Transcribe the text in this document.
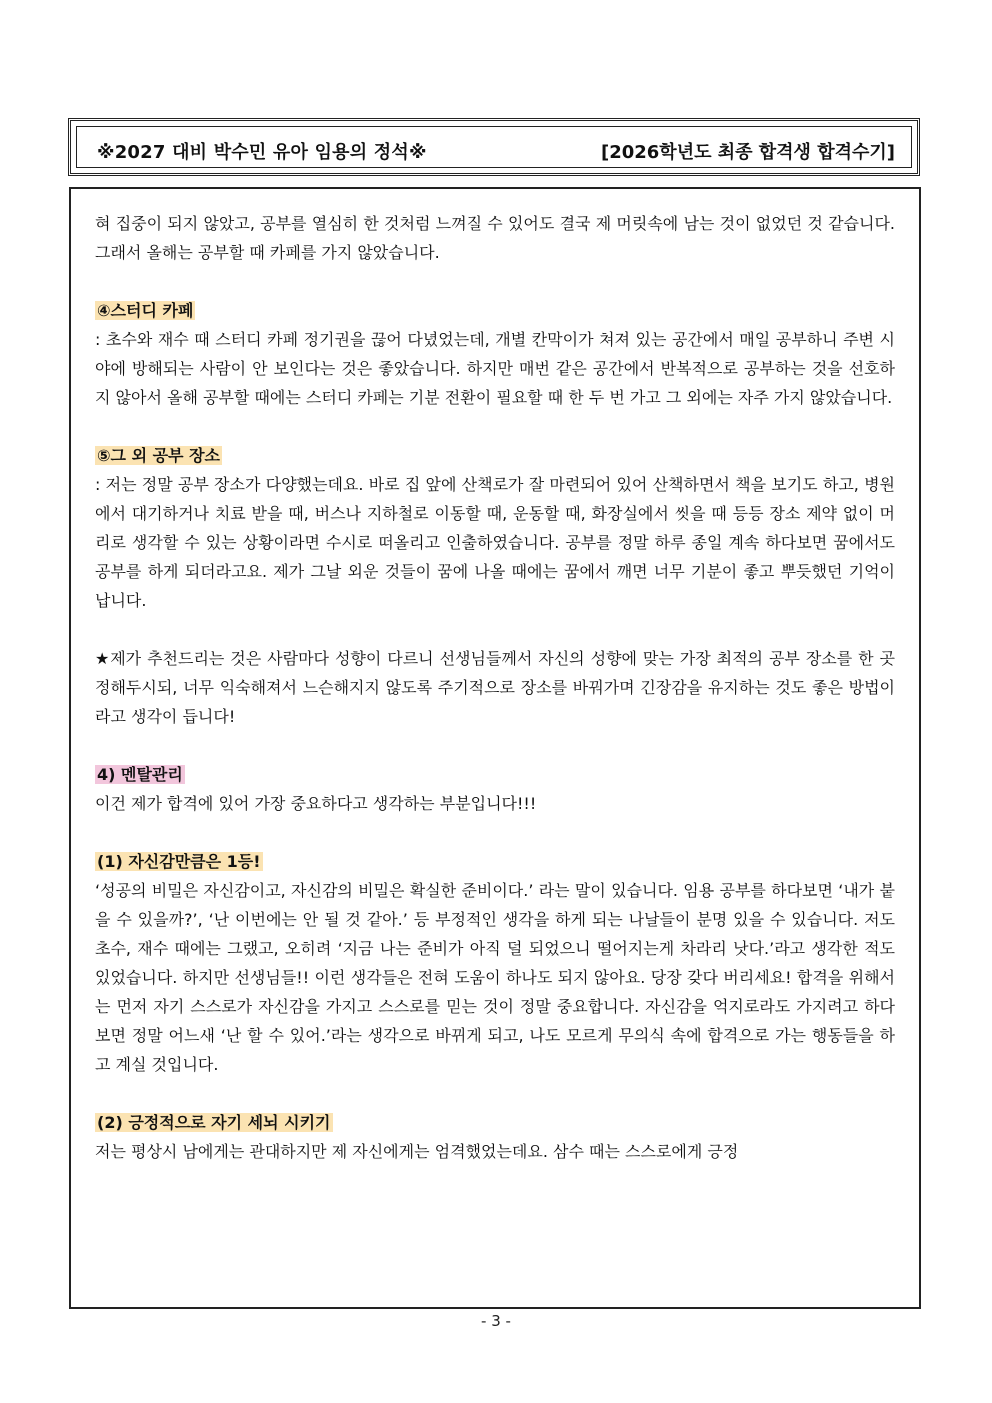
※2027 대비 박수민 유아 임용의 정석※	[2026학년도 최종 합격생 합격수기]

혀 집중이 되지 않았고, 공부를 열심히 한 것처럼 느껴질 수 있어도 결국 제 머릿속에 남는 것이 없었던 것 같습니다. 그래서 올해는 공부할 때 카페를 가지 않았습니다.

④스터디 카페

: 초수와 재수 때 스터디 카페 정기권을 끊어 다녔었는데, 개별 칸막이가 쳐져 있는 공간에서 매일 공부하니 주변 시야에 방해되는 사람이 안 보인다는 것은 좋았습니다. 하지만 매번 같은 공간에서 반복적으로 공부하는 것을 선호하지 않아서 올해 공부할 때에는 스터디 카페는 기분 전환이 필요할 때 한 두 번 가고 그 외에는 자주 가지 않았습니다.

⑤그 외 공부 장소

: 저는 정말 공부 장소가 다양했는데요. 바로 집 앞에 산책로가 잘 마련되어 있어 산책하면서 책을 보기도 하고, 병원에서 대기하거나 치료 받을 때, 버스나 지하철로 이동할 때, 운동할 때, 화장실에서 씻을 때 등등 장소 제약 없이 머리로 생각할 수 있는 상황이라면 수시로 떠올리고 인출하였습니다. 공부를 정말 하루 종일 계속 하다보면 꿈에서도 공부를 하게 되더라고요. 제가 그날 외운 것들이 꿈에 나올 때에는 꿈에서 깨면 너무 기분이 좋고 뿌듯했던 기억이 납니다.

★제가 추천드리는 것은 사람마다 성향이 다르니 선생님들께서 자신의 성향에 맞는 가장 최적의 공부 장소를 한 곳 정해두시되, 너무 익숙해져서 느슨해지지 않도록 주기적으로 장소를 바꿔가며 긴장감을 유지하는 것도 좋은 방법이라고 생각이 듭니다!

4) 멘탈관리

이건 제가 합격에 있어 가장 중요하다고 생각하는 부분입니다!!!

(1) 자신감만큼은 1등!

‘성공의 비밀은 자신감이고, 자신감의 비밀은 확실한 준비이다.’ 라는 말이 있습니다. 임용 공부를 하다보면 ‘내가 붙을 수 있을까?’, ‘난 이번에는 안 될 것 같아.’ 등 부정적인 생각을 하게 되는 나날들이 분명 있을 수 있습니다. 저도 초수, 재수 때에는 그랬고, 오히려 ‘지금 나는 준비가 아직 덜 되었으니 떨어지는게 차라리 낫다.’라고 생각한 적도 있었습니다. 하지만 선생님들!! 이런 생각들은 전혀 도움이 하나도 되지 않아요. 당장 갖다 버리세요! 합격을 위해서는 먼저 자기 스스로가 자신감을 가지고 스스로를 믿는 것이 정말 중요합니다. 자신감을 억지로라도 가지려고 하다보면 정말 어느새 ‘난 할 수 있어.’라는 생각으로 바뀌게 되고, 나도 모르게 무의식 속에 합격으로 가는 행동들을 하고 계실 것입니다.

(2) 긍정적으로 자기 세뇌 시키기

저는 평상시 남에게는 관대하지만 제 자신에게는 엄격했었는데요. 삼수 때는 스스로에게 긍정

- 3 -
